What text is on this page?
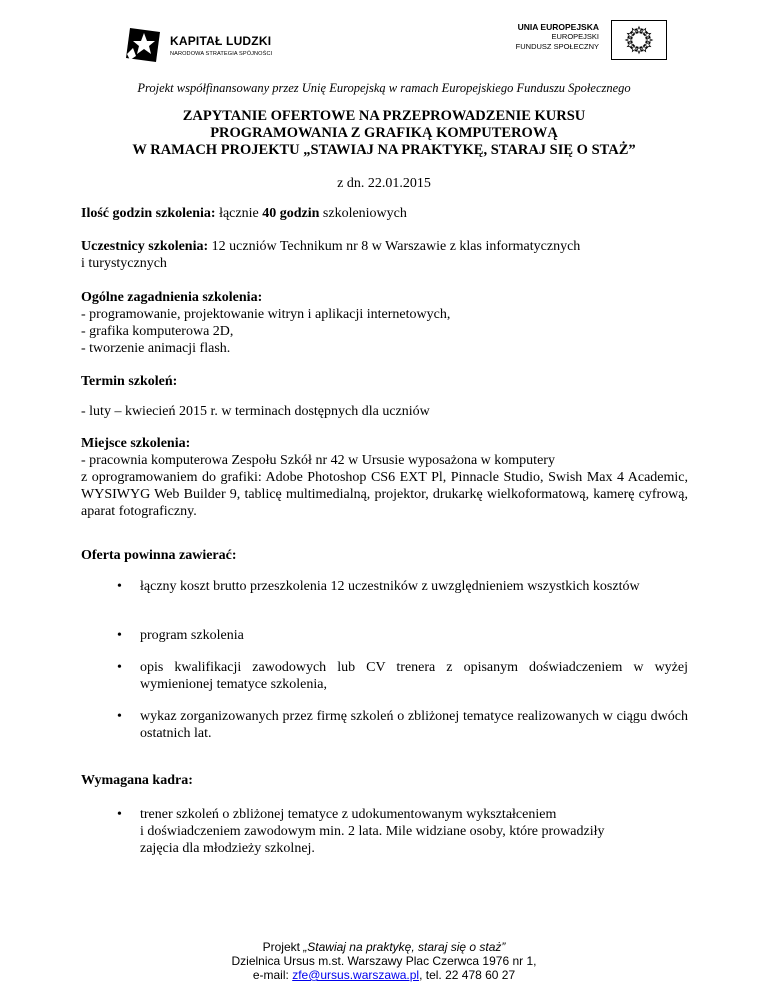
KAPITAŁ LUDZKI
NARODOWA STRATEGIA SPÓJNOŚCI
UNIA EUROPEJSKA
EUROPEJSKI
FUNDUSZ SPOŁECZNY
Projekt współfinansowany przez Unię Europejską w ramach Europejskiego Funduszu Społecznego
ZAPYTANIE OFERTOWE NA PRZEPROWADZENIE KURSU
PROGRAMOWANIA Z GRAFIKĄ KOMPUTEROWĄ
W RAMACH PROJEKTU „STAWIAJ NA PRAKTYKĘ, STARAJ SIĘ O STAŻ”
z dn. 22.01.2015
Ilość godzin szkolenia: łącznie 40 godzin szkoleniowych
Uczestnicy szkolenia: 12 uczniów Technikum nr 8 w Warszawie z klas informatycznych
i turystycznych
Ogólne zagadnienia szkolenia:
- programowanie, projektowanie witryn i aplikacji internetowych,
- grafika komputerowa 2D,
- tworzenie animacji flash.
Termin szkoleń:
- luty – kwiecień 2015 r. w terminach dostępnych dla uczniów
Miejsce szkolenia:
- pracownia komputerowa Zespołu Szkół nr 42 w Ursusie wyposażona w komputery
z oprogramowaniem do grafiki: Adobe Photoshop CS6 EXT Pl, Pinnacle Studio, Swish Max 4 Academic, WYSIWYG Web Builder 9, tablicę multimedialną, projektor, drukarkę wielkoformatową, kamerę cyfrową, aparat fotograficzny.
Oferta powinna zawierać:
• łączny koszt brutto przeszkolenia 12 uczestników z uwzględnieniem wszystkich kosztów
• program szkolenia
• opis kwalifikacji zawodowych lub CV trenera z opisanym doświadczeniem w wyżej wymienionej tematyce szkolenia,
• wykaz zorganizowanych przez firmę szkoleń o zbliżonej tematyce realizowanych w ciągu dwóch ostatnich lat.
Wymagana kadra:
• trener szkoleń o zbliżonej tematyce z udokumentowanym wykształceniem
i doświadczeniem zawodowym min. 2 lata. Mile widziane osoby, które prowadziły
zajęcia dla młodzieży szkolnej.
Projekt „Stawiaj na praktykę, staraj się o staż”
Dzielnica Ursus m.st. Warszawy Plac Czerwca 1976 nr 1,
e-mail: zfe@ursus.warszawa.pl, tel. 22 478 60 27
